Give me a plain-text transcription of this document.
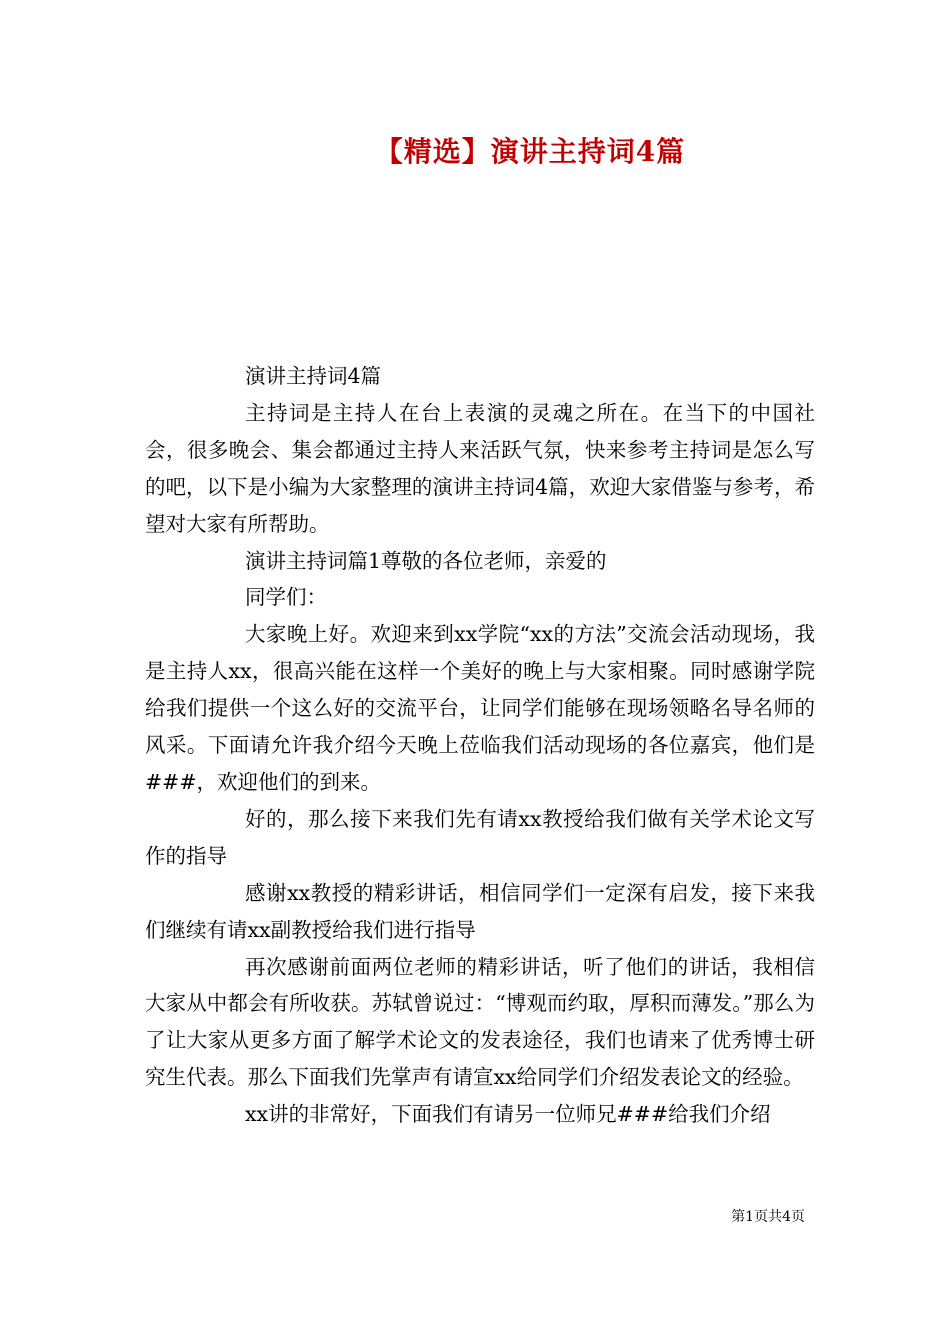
【精选】演讲主持词4篇

演讲主持词4篇

主持词是主持人在台上表演的灵魂之所在。在当下的中国社会，很多晚会、集会都通过主持人来活跃气氛，快来参考主持词是怎么写的吧，以下是小编为大家整理的演讲主持词4篇，欢迎大家借鉴与参考，希望对大家有所帮助。

演讲主持词篇1尊敬的各位老师，亲爱的

同学们：

大家晚上好。欢迎来到xx学院“xx的方法”交流会活动现场，我是主持人xx，很高兴能在这样一个美好的晚上与大家相聚。同时感谢学院给我们提供一个这么好的交流平台，让同学们能够在现场领略名导名师的风采。下面请允许我介绍今天晚上莅临我们活动现场的各位嘉宾，他们是###，欢迎他们的到来。

好的，那么接下来我们先有请xx教授给我们做有关学术论文写作的指导

感谢xx教授的精彩讲话，相信同学们一定深有启发，接下来我们继续有请xx副教授给我们进行指导

再次感谢前面两位老师的精彩讲话，听了他们的讲话，我相信大家从中都会有所收获。苏轼曾说过：“博观而约取，厚积而薄发。”那么为了让大家从更多方面了解学术论文的发表途径，我们也请来了优秀博士研究生代表。那么下面我们先掌声有请宣xx给同学们介绍发表论文的经验。

xx讲的非常好，下面我们有请另一位师兄###给我们介绍

第1页共4页
